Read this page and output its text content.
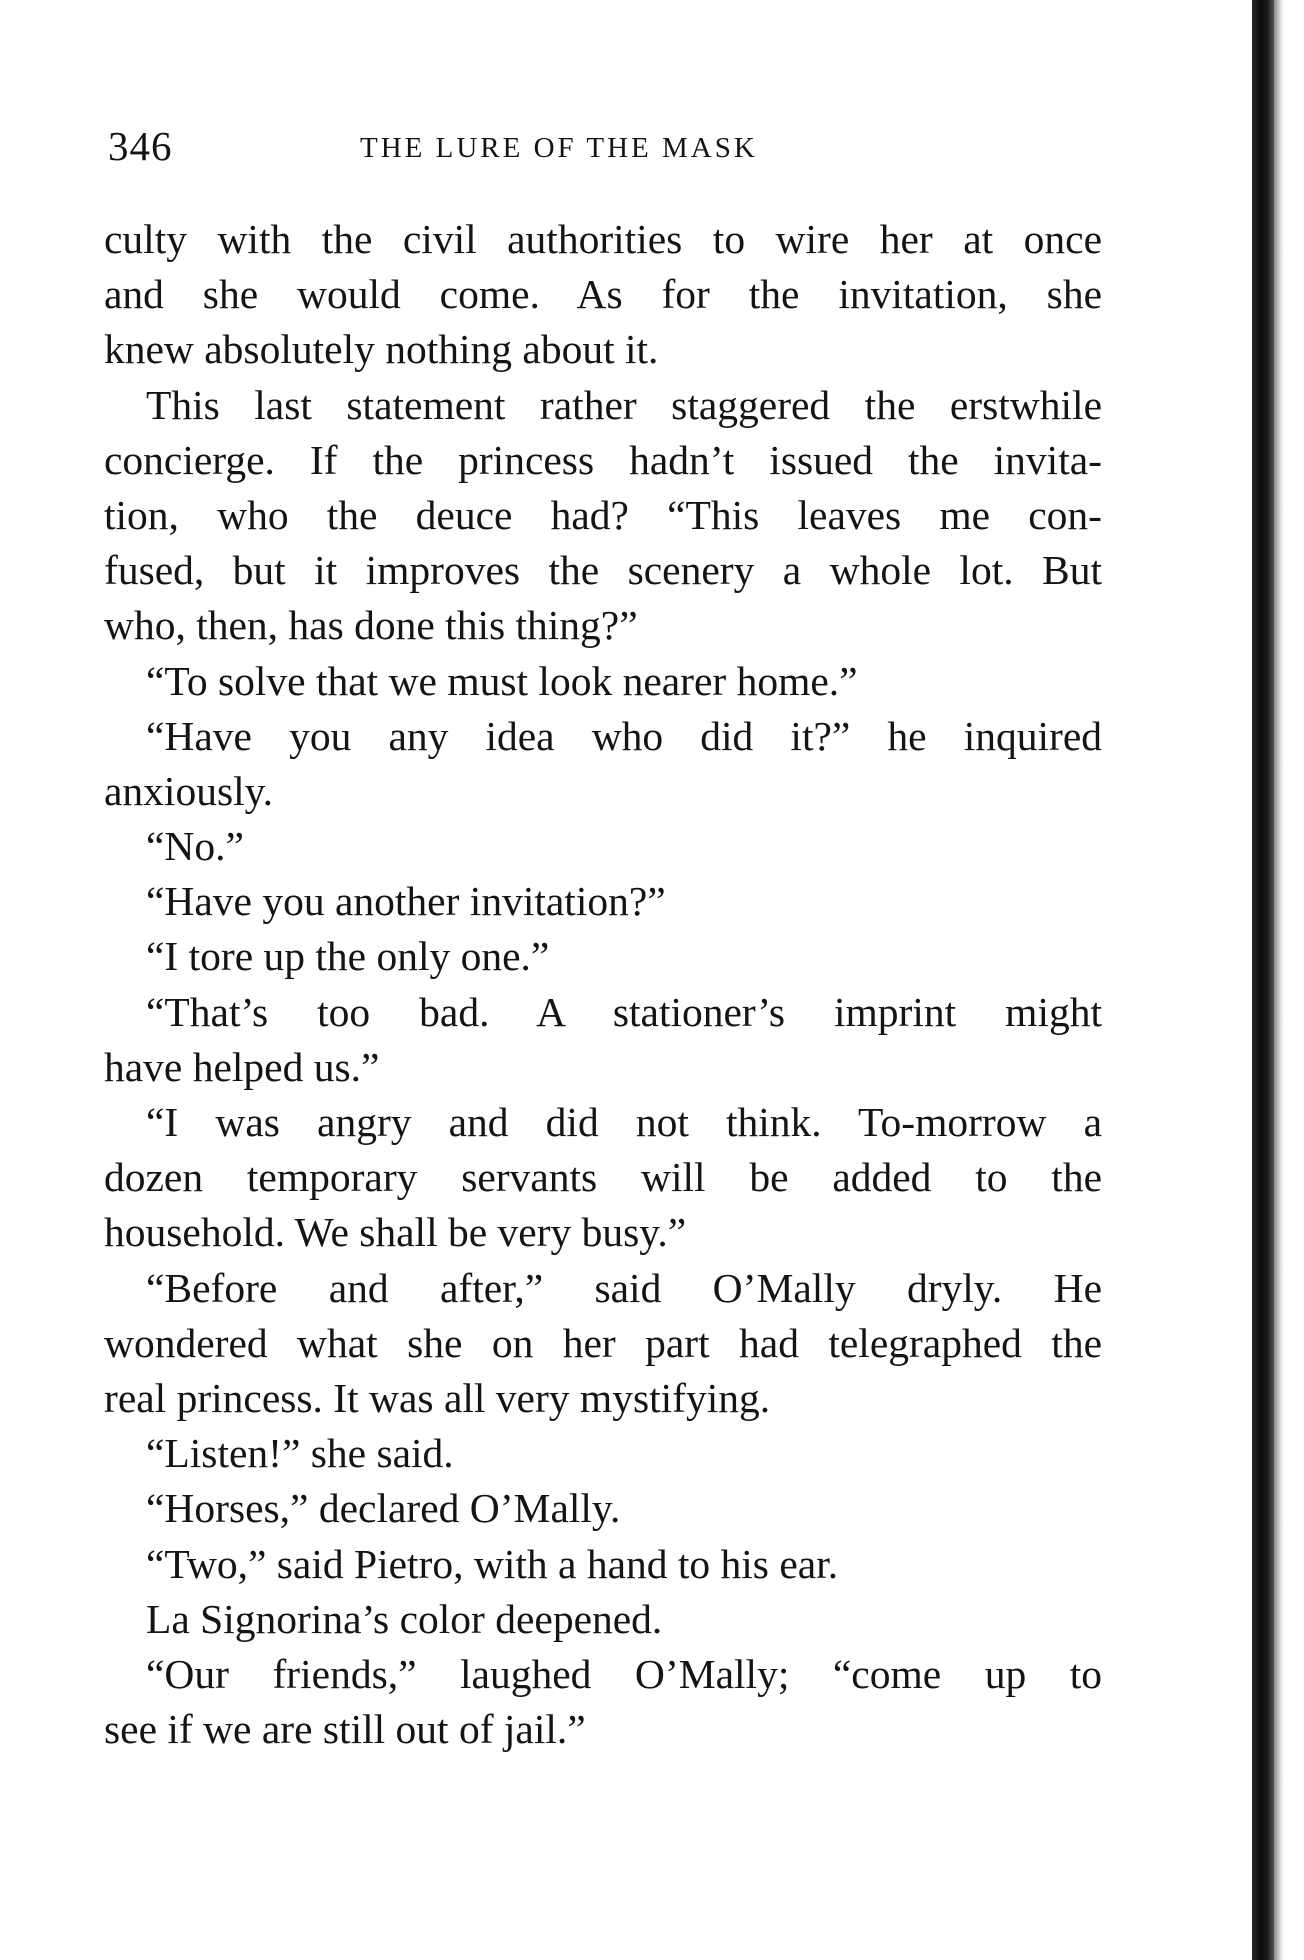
346	THE LURE OF THE MASK
culty with the civil authorities to wire her at once
and she would come. As for the invitation, she
knew absolutely nothing about it.
This last statement rather staggered the erstwhile
concierge. If the princess hadn’t issued the invita-
tion, who the deuce had? “This leaves me con-
fused, but it improves the scenery a whole lot. But
who, then, has done this thing?”
“To solve that we must look nearer home.”
“Have you any idea who did it?” he inquired
anxiously.
“No.”
“Have you another invitation?”
“I tore up the only one.”
“That’s too bad. A stationer’s imprint might
have helped us.”
“I was angry and did not think. To-morrow a
dozen temporary servants will be added to the
household. We shall be very busy.”
“Before and after,” said O’Mally dryly. He
wondered what she on her part had telegraphed the
real princess. It was all very mystifying.
“Listen!” she said.
“Horses,” declared O’Mally.
“Two,” said Pietro, with a hand to his ear.
La Signorina’s color deepened.
“Our friends,” laughed O’Mally; “come up to
see if we are still out of jail.”
